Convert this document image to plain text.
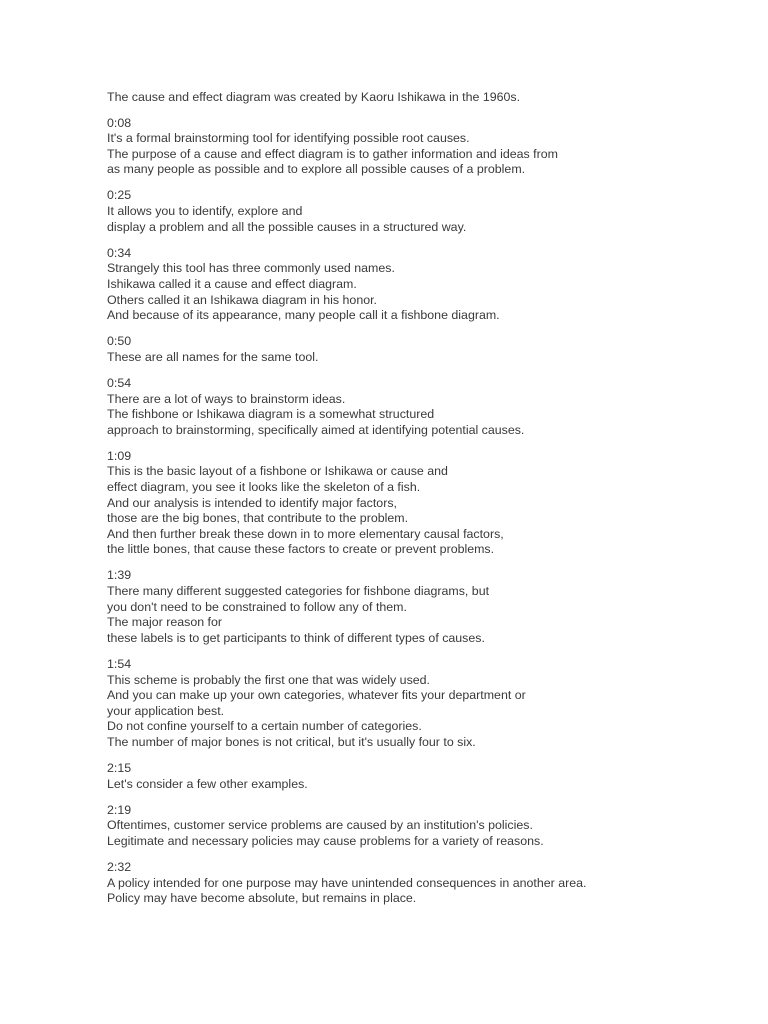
The cause and effect diagram was created by Kaoru Ishikawa in the 1960s.
0:08
It's a formal brainstorming tool for identifying possible root causes.
The purpose of a cause and effect diagram is to gather information and ideas from
as many people as possible and to explore all possible causes of a problem.
0:25
It allows you to identify, explore and
display a problem and all the possible causes in a structured way.
0:34
Strangely this tool has three commonly used names.
Ishikawa called it a cause and effect diagram.
Others called it an Ishikawa diagram in his honor.
And because of its appearance, many people call it a fishbone diagram.
0:50
These are all names for the same tool.
0:54
There are a lot of ways to brainstorm ideas.
The fishbone or Ishikawa diagram is a somewhat structured
approach to brainstorming, specifically aimed at identifying potential causes.
1:09
This is the basic layout of a fishbone or Ishikawa or cause and
effect diagram, you see it looks like the skeleton of a fish.
And our analysis is intended to identify major factors,
those are the big bones, that contribute to the problem.
And then further break these down in to more elementary causal factors,
the little bones, that cause these factors to create or prevent problems.
1:39
There many different suggested categories for fishbone diagrams, but
you don't need to be constrained to follow any of them.
The major reason for
these labels is to get participants to think of different types of causes.
1:54
This scheme is probably the first one that was widely used.
And you can make up your own categories, whatever fits your department or
your application best.
Do not confine yourself to a certain number of categories.
The number of major bones is not critical, but it's usually four to six.
2:15
Let's consider a few other examples.
2:19
Oftentimes, customer service problems are caused by an institution's policies.
Legitimate and necessary policies may cause problems for a variety of reasons.
2:32
A policy intended for one purpose may have unintended consequences in another area.
Policy may have become absolute, but remains in place.
